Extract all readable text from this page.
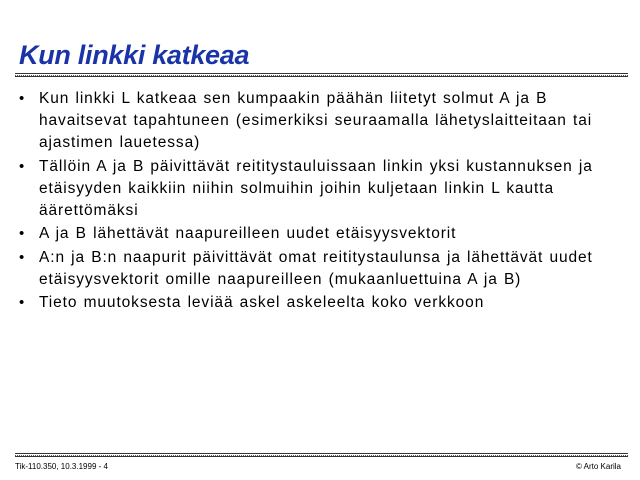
Kun linkki katkeaa
• Kun linkki L katkeaa sen kumpaakin päähän liitetyt solmut A ja B havaitsevat tapahtuneen (esimerkiksi seuraamalla lähetyslaitteitaan tai ajastimen lauetessa)
• Tällöin A ja B päivittävät reititystauluissaan linkin yksi kustannuksen ja etäisyyden kaikkiin niihin solmuihin joihin kuljetaan linkin L kautta äärettömäksi
• A ja B lähettävät naapureilleen uudet etäisyysvektorit
• A:n ja B:n naapurit päivittävät omat reititystaulunsa ja lähettävät uudet etäisyysvektorit omille naapureilleen (mukaanluettuina A ja B)
• Tieto muutoksesta leviää askel askeleelta koko verkkoon
Tik-110.350, 10.3.1999 - 4	© Arto Karila
